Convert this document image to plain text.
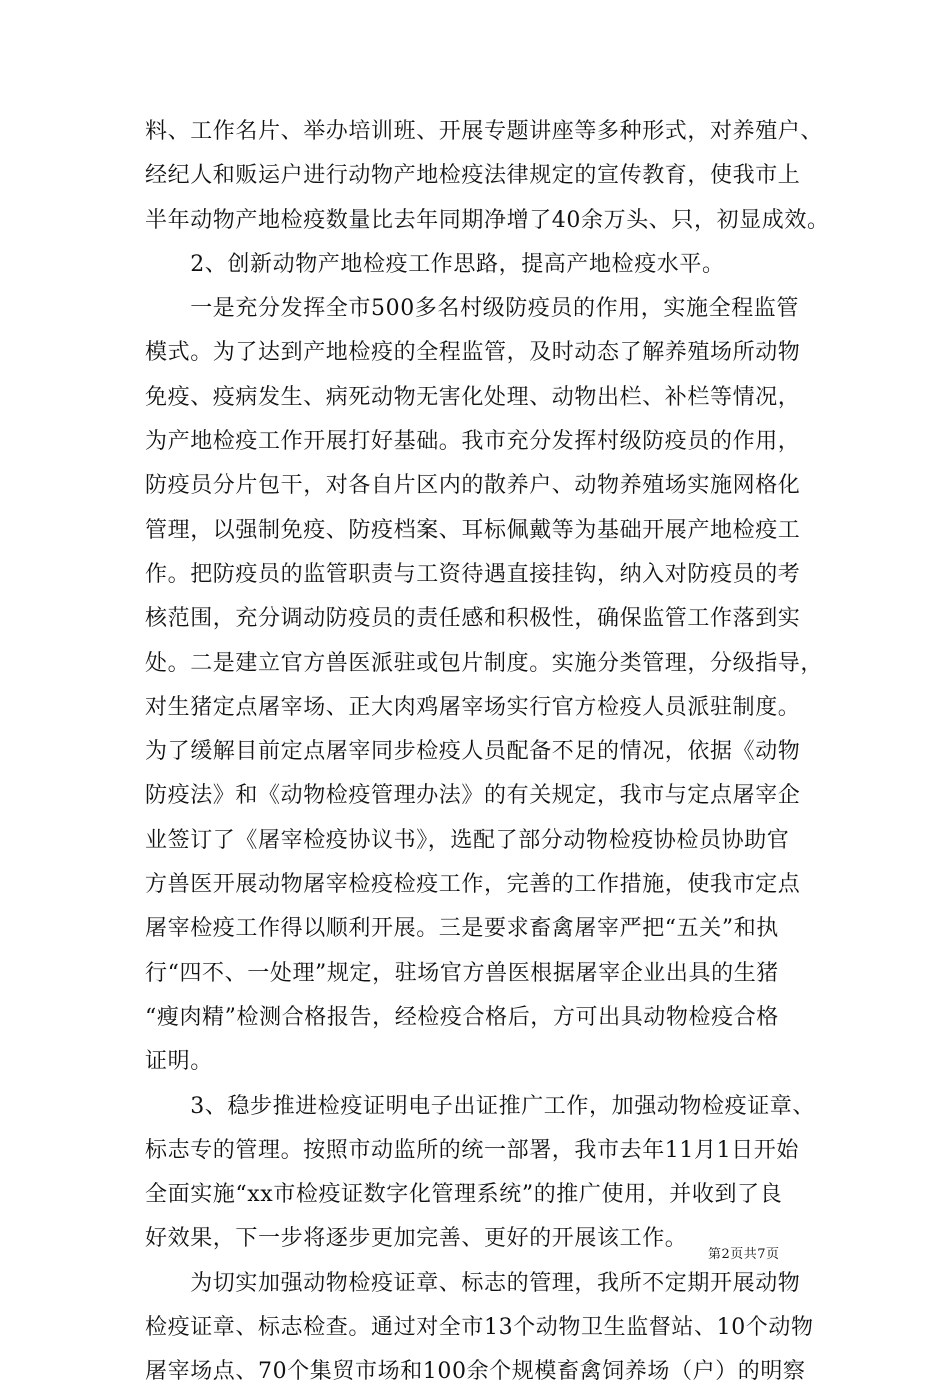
料、工作名片、举办培训班、开展专题讲座等多种形式，对养殖户、
经纪人和贩运户进行动物产地检疫法律规定的宣传教育，使我市上
半年动物产地检疫数量比去年同期净增了40余万头、只，初显成效。
　　2、创新动物产地检疫工作思路，提高产地检疫水平。
　　一是充分发挥全市500多名村级防疫员的作用，实施全程监管
模式。为了达到产地检疫的全程监管，及时动态了解养殖场所动物
免疫、疫病发生、病死动物无害化处理、动物出栏、补栏等情况，
为产地检疫工作开展打好基础。我市充分发挥村级防疫员的作用，
防疫员分片包干，对各自片区内的散养户、动物养殖场实施网格化
管理，以强制免疫、防疫档案、耳标佩戴等为基础开展产地检疫工
作。把防疫员的监管职责与工资待遇直接挂钩，纳入对防疫员的考
核范围，充分调动防疫员的责任感和积极性，确保监管工作落到实
处。二是建立官方兽医派驻或包片制度。实施分类管理，分级指导，
对生猪定点屠宰场、正大肉鸡屠宰场实行官方检疫人员派驻制度。
为了缓解目前定点屠宰同步检疫人员配备不足的情况，依据《动物
防疫法》和《动物检疫管理办法》的有关规定，我市与定点屠宰企
业签订了《屠宰检疫协议书》，选配了部分动物检疫协检员协助官
方兽医开展动物屠宰检疫检疫工作，完善的工作措施，使我市定点
屠宰检疫工作得以顺利开展。三是要求畜禽屠宰严把“五关”和执
行“四不、一处理”规定，驻场官方兽医根据屠宰企业出具的生猪
“瘦肉精”检测合格报告，经检疫合格后，方可出具动物检疫合格
证明。
　　3、稳步推进检疫证明电子出证推广工作，加强动物检疫证章、
标志专的管理。按照市动监所的统一部署，我市去年11月1日开始
全面实施“xx市检疫证数字化管理系统”的推广使用，并收到了良
好效果，下一步将逐步更加完善、更好的开展该工作。
　　为切实加强动物检疫证章、标志的管理，我所不定期开展动物
检疫证章、标志检查。通过对全市13个动物卫生监督站、10个动物
屠宰场点、70个集贸市场和100余个规模畜禽饲养场（户）的明察
第2页共7页
